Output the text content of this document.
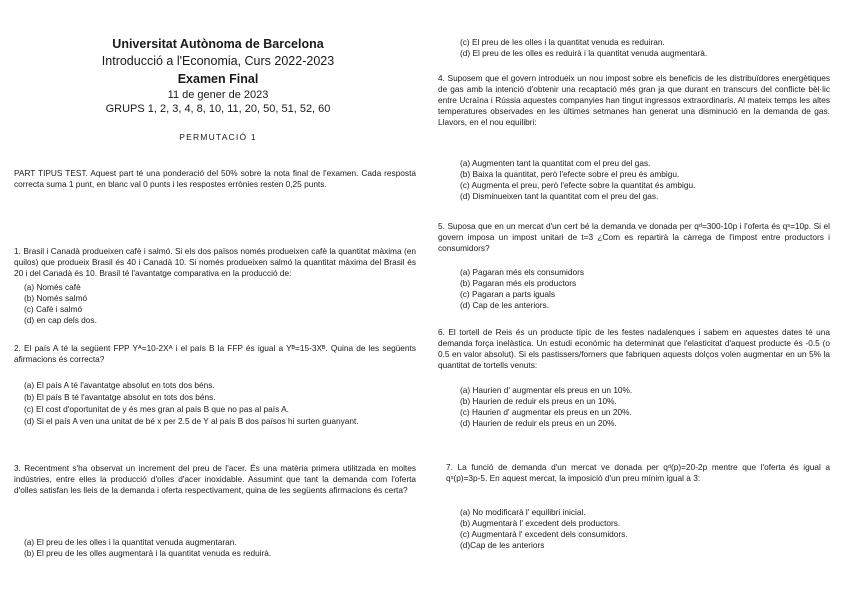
Universitat Autònoma de Barcelona
Introducció a l'Economia, Curs 2022-2023
Examen Final
11 de gener de 2023
GRUPS 1, 2, 3, 4, 8, 10, 11, 20, 50, 51, 52, 60
PERMUTACIÓ 1
PART TIPUS TEST. Aquest part té una ponderació del 50% sobre la nota final de l'examen. Cada resposta correcta suma 1 punt, en blanc val 0 punts i les respostes errònies resten 0,25 punts.
1. Brasil i Canadà produeixen cafè i salmó. Si els dos països només produeixen cafè la quantitat màxima (en quilos) que produeix Brasil és 40 i Canadà 10. Si només produeixen salmó la quantitat màxima del Brasil és 20 i del Canadà és 10. Brasil té l'avantatge comparativa en la producció de:
(a) Només cafè
(b) Només salmó
(c) Cafè i salmó
(d) en cap dels dos.
2. El país A té la següent FPP Yᴬ=10-2Xᴬ i el país B la FFP és igual a Yᴮ=15-3Xᴮ. Quina de les següents afirmacions és correcta?
(a) El país A té l'avantatge absolut en tots dos béns.
(b) El país B té l'avantatge absolut en tots dos béns.
(c) El cost d'oportunitat de y és mes gran al país B que no pas al país A.
(d) Si el país A ven una unitat de bé x per 2.5 de Y al país B dos països hi surten guanyant.
3. Recentment s'ha observat un increment del preu de l'acer. És una matèria primera utilitzada en moltes indústries, entre elles la producció d'olles d'acer inoxidable. Assumint que tant la demanda com l'oferta d'olles satisfan les lleis de la demanda i oferta respectivament, quina de les següents afirmacions és certa?
(a) El preu de les olles i la quantitat venuda augmentaran.
(b) El preu de les olles augmentarà i la quantitat venuda es reduirà.
(c) El preu de les olles i la quantitat venuda es reduiran.
(d) El preu de les olles es reduirà i la quantitat venuda augmentarà.
4. Suposem que el govern introdueix un nou impost sobre els beneficis de les distribuïdores energètiques de gas amb la intenció d'obtenir una recaptació més gran ja que durant en transcurs del conflicte bèl·lic entre Ucraïna i Rússia aquestes companyies han tingut ingressos extraordinaris. Al mateix temps les altes temperatures observades en les últimes setmanes han generat una disminució en la demanda de gas. Llavors, en el nou equilibri:
(a) Augmenten tant la quantitat com el preu del gas.
(b) Baixa la quantitat, però l'efecte sobre el preu és ambigu.
(c) Augmenta el preu, però l'efecte sobre la quantitat és ambigu.
(d) Disminueixen tant la quantitat com el preu del gas.
5. Suposa que en un mercat d'un cert bé la demanda ve donada per qᵈ=300-10p i l'oferta és qˢ=10p. Si el govern imposa un impost unitari de t=3 ¿Com es repartirà la càrrega de l'impost entre productors i consumidors?
(a) Pagaran més els consumidors
(b) Pagaran més els productors
(c) Pagaran a parts iguals
(d) Cap de les anteriors.
6. El tortell de Reis és un producte típic de les festes nadalenques i sabem en aquestes dates té una demanda força inelàstica. Un estudi econòmic ha determinat que l'elasticitat d'aquest producte és -0.5 (o 0.5 en valor absolut). Si els pastissers/forners que fabriquen aquests dolços volen augmentar en un 5% la quantitat de tortells venuts:
(a) Haurien d' augmentar els preus en un 10%.
(b) Haurien de reduir els preus en un 10%.
(c) Haurien d' augmentar els preus en un 20%.
(d) Haurien de reduir els preus en un 20%.
7. La funció de demanda d'un mercat ve donada per qᵈ(p)=20-2p mentre que l'oferta és igual a qˢ(p)=3p-5. En aquest mercat, la imposició d'un preu mínim igual a 3:
(a) No modificarà l' equilibri inicial.
(b) Augmentarà l' excedent dels productors.
(c) Augmentarà l' excedent dels consumidors.
(d)Cap de les anteriors
